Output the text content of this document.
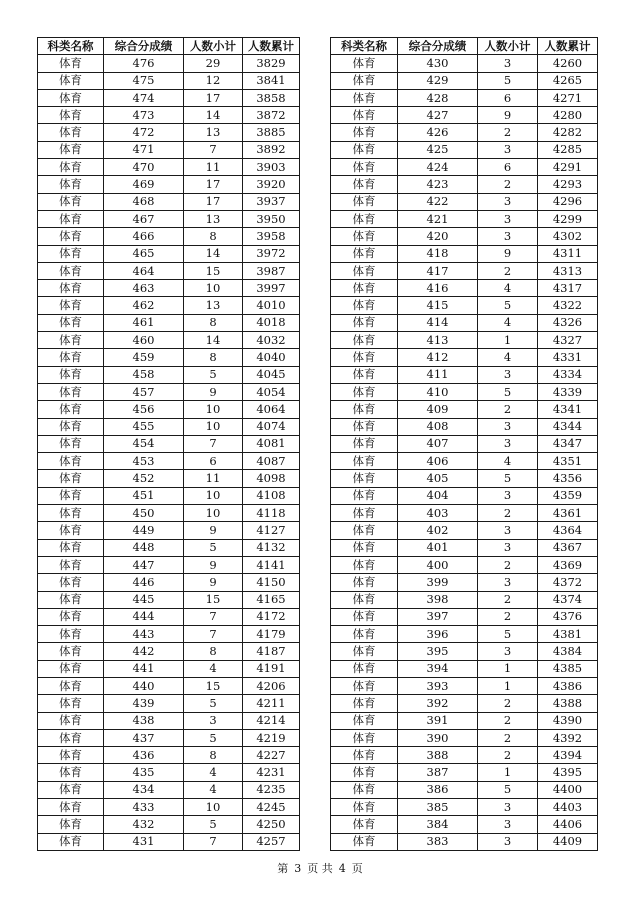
科类名称	综合分成绩	人数小计	人数累计
体育	476	29	3829
体育	475	12	3841
体育	474	17	3858
体育	473	14	3872
体育	472	13	3885
体育	471	7	3892
体育	470	11	3903
体育	469	17	3920
体育	468	17	3937
体育	467	13	3950
体育	466	8	3958
体育	465	14	3972
体育	464	15	3987
体育	463	10	3997
体育	462	13	4010
体育	461	8	4018
体育	460	14	4032
体育	459	8	4040
体育	458	5	4045
体育	457	9	4054
体育	456	10	4064
体育	455	10	4074
体育	454	7	4081
体育	453	6	4087
体育	452	11	4098
体育	451	10	4108
体育	450	10	4118
体育	449	9	4127
体育	448	5	4132
体育	447	9	4141
体育	446	9	4150
体育	445	15	4165
体育	444	7	4172
体育	443	7	4179
体育	442	8	4187
体育	441	4	4191
体育	440	15	4206
体育	439	5	4211
体育	438	3	4214
体育	437	5	4219
体育	436	8	4227
体育	435	4	4231
体育	434	4	4235
体育	433	10	4245
体育	432	5	4250
体育	431	7	4257
科类名称	综合分成绩	人数小计	人数累计
体育	430	3	4260
体育	429	5	4265
体育	428	6	4271
体育	427	9	4280
体育	426	2	4282
体育	425	3	4285
体育	424	6	4291
体育	423	2	4293
体育	422	3	4296
体育	421	3	4299
体育	420	3	4302
体育	418	9	4311
体育	417	2	4313
体育	416	4	4317
体育	415	5	4322
体育	414	4	4326
体育	413	1	4327
体育	412	4	4331
体育	411	3	4334
体育	410	5	4339
体育	409	2	4341
体育	408	3	4344
体育	407	3	4347
体育	406	4	4351
体育	405	5	4356
体育	404	3	4359
体育	403	2	4361
体育	402	3	4364
体育	401	3	4367
体育	400	2	4369
体育	399	3	4372
体育	398	2	4374
体育	397	2	4376
体育	396	5	4381
体育	395	3	4384
体育	394	1	4385
体育	393	1	4386
体育	392	2	4388
体育	391	2	4390
体育	390	2	4392
体育	388	2	4394
体育	387	1	4395
体育	386	5	4400
体育	385	3	4403
体育	384	3	4406
体育	383	3	4409
第 3 页 共 4 页
